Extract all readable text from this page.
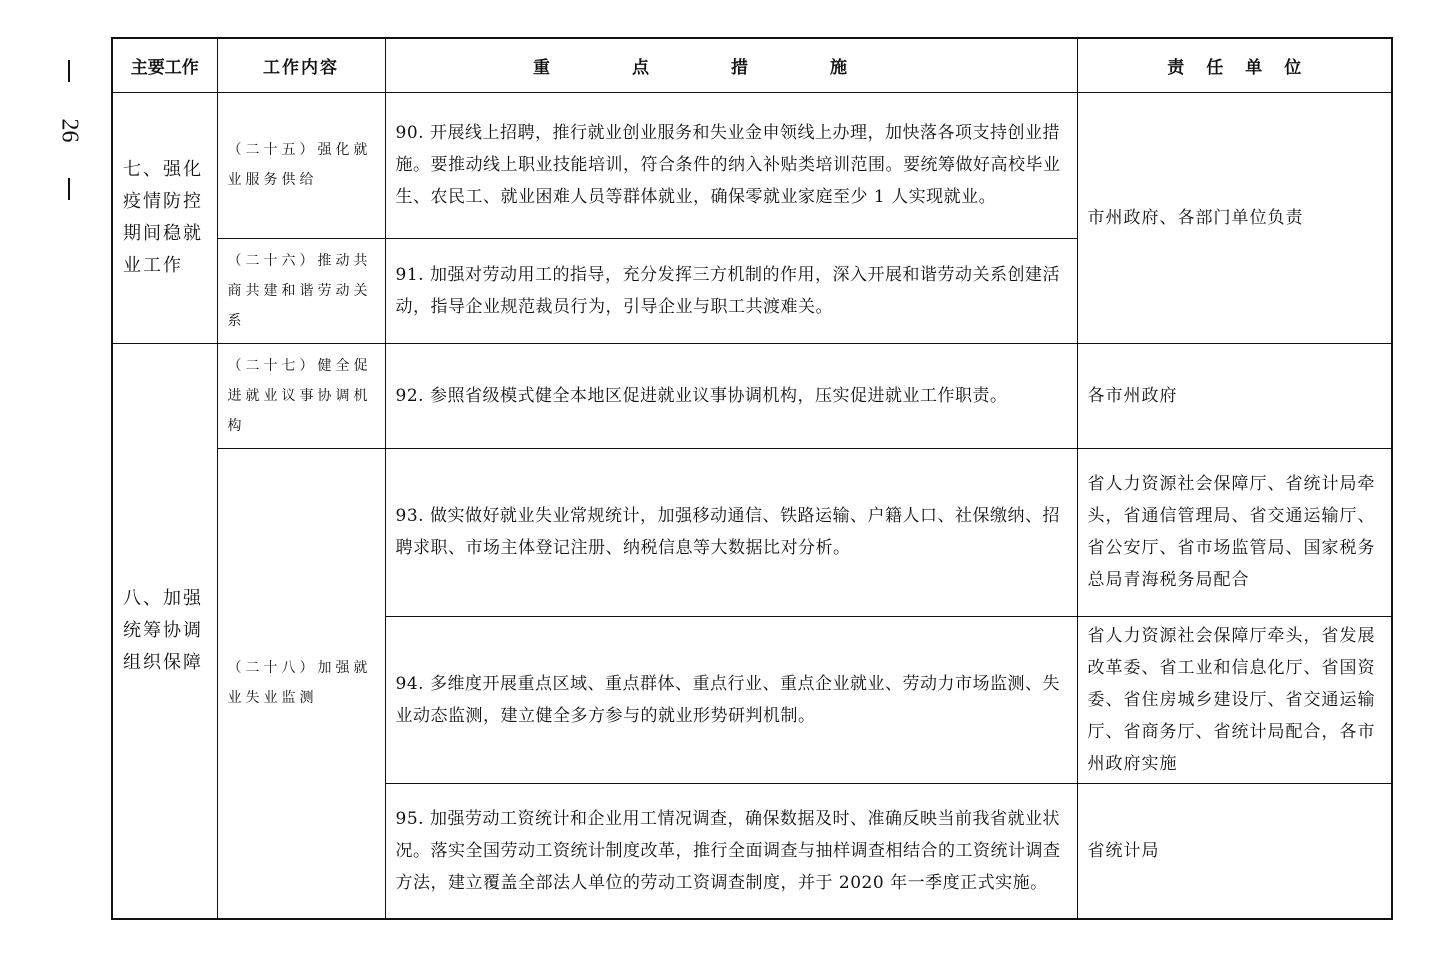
26
主要工作	工作内容	重点措施	责任单位
七、强化疫情防控期间稳就业工作	（二十五）强化就业服务供给	90. 开展线上招聘，推行就业创业服务和失业金申领线上办理，加快落各项支持创业措施。要推动线上职业技能培训，符合条件的纳入补贴类培训范围。要统筹做好高校毕业生、农民工、就业困难人员等群体就业，确保零就业家庭至少 1 人实现就业。	市州政府、各部门单位负责
	（二十六）推动共商共建和谐劳动关系	91. 加强对劳动用工的指导，充分发挥三方机制的作用，深入开展和谐劳动关系创建活动，指导企业规范裁员行为，引导企业与职工共渡难关。	
八、加强统筹协调组织保障	（二十七）健全促进就业议事协调机构	92. 参照省级模式健全本地区促进就业议事协调机构，压实促进就业工作职责。	各市州政府
	（二十八）加强就业失业监测	93. 做实做好就业失业常规统计，加强移动通信、铁路运输、户籍人口、社保缴纳、招聘求职、市场主体登记注册、纳税信息等大数据比对分析。	省人力资源社会保障厅、省统计局牵头，省通信管理局、省交通运输厅、省公安厅、省市场监管局、国家税务总局青海税务局配合
		94. 多维度开展重点区域、重点群体、重点行业、重点企业就业、劳动力市场监测、失业动态监测，建立健全多方参与的就业形势研判机制。	省人力资源社会保障厅牵头，省发展改革委、省工业和信息化厅、省国资委、省住房城乡建设厅、省交通运输厅、省商务厅、省统计局配合，各市州政府实施
		95. 加强劳动工资统计和企业用工情况调查，确保数据及时、准确反映当前我省就业状况。落实全国劳动工资统计制度改革，推行全面调查与抽样调查相结合的工资统计调查方法，建立覆盖全部法人单位的劳动工资调查制度，并于 2020 年一季度正式实施。	省统计局
